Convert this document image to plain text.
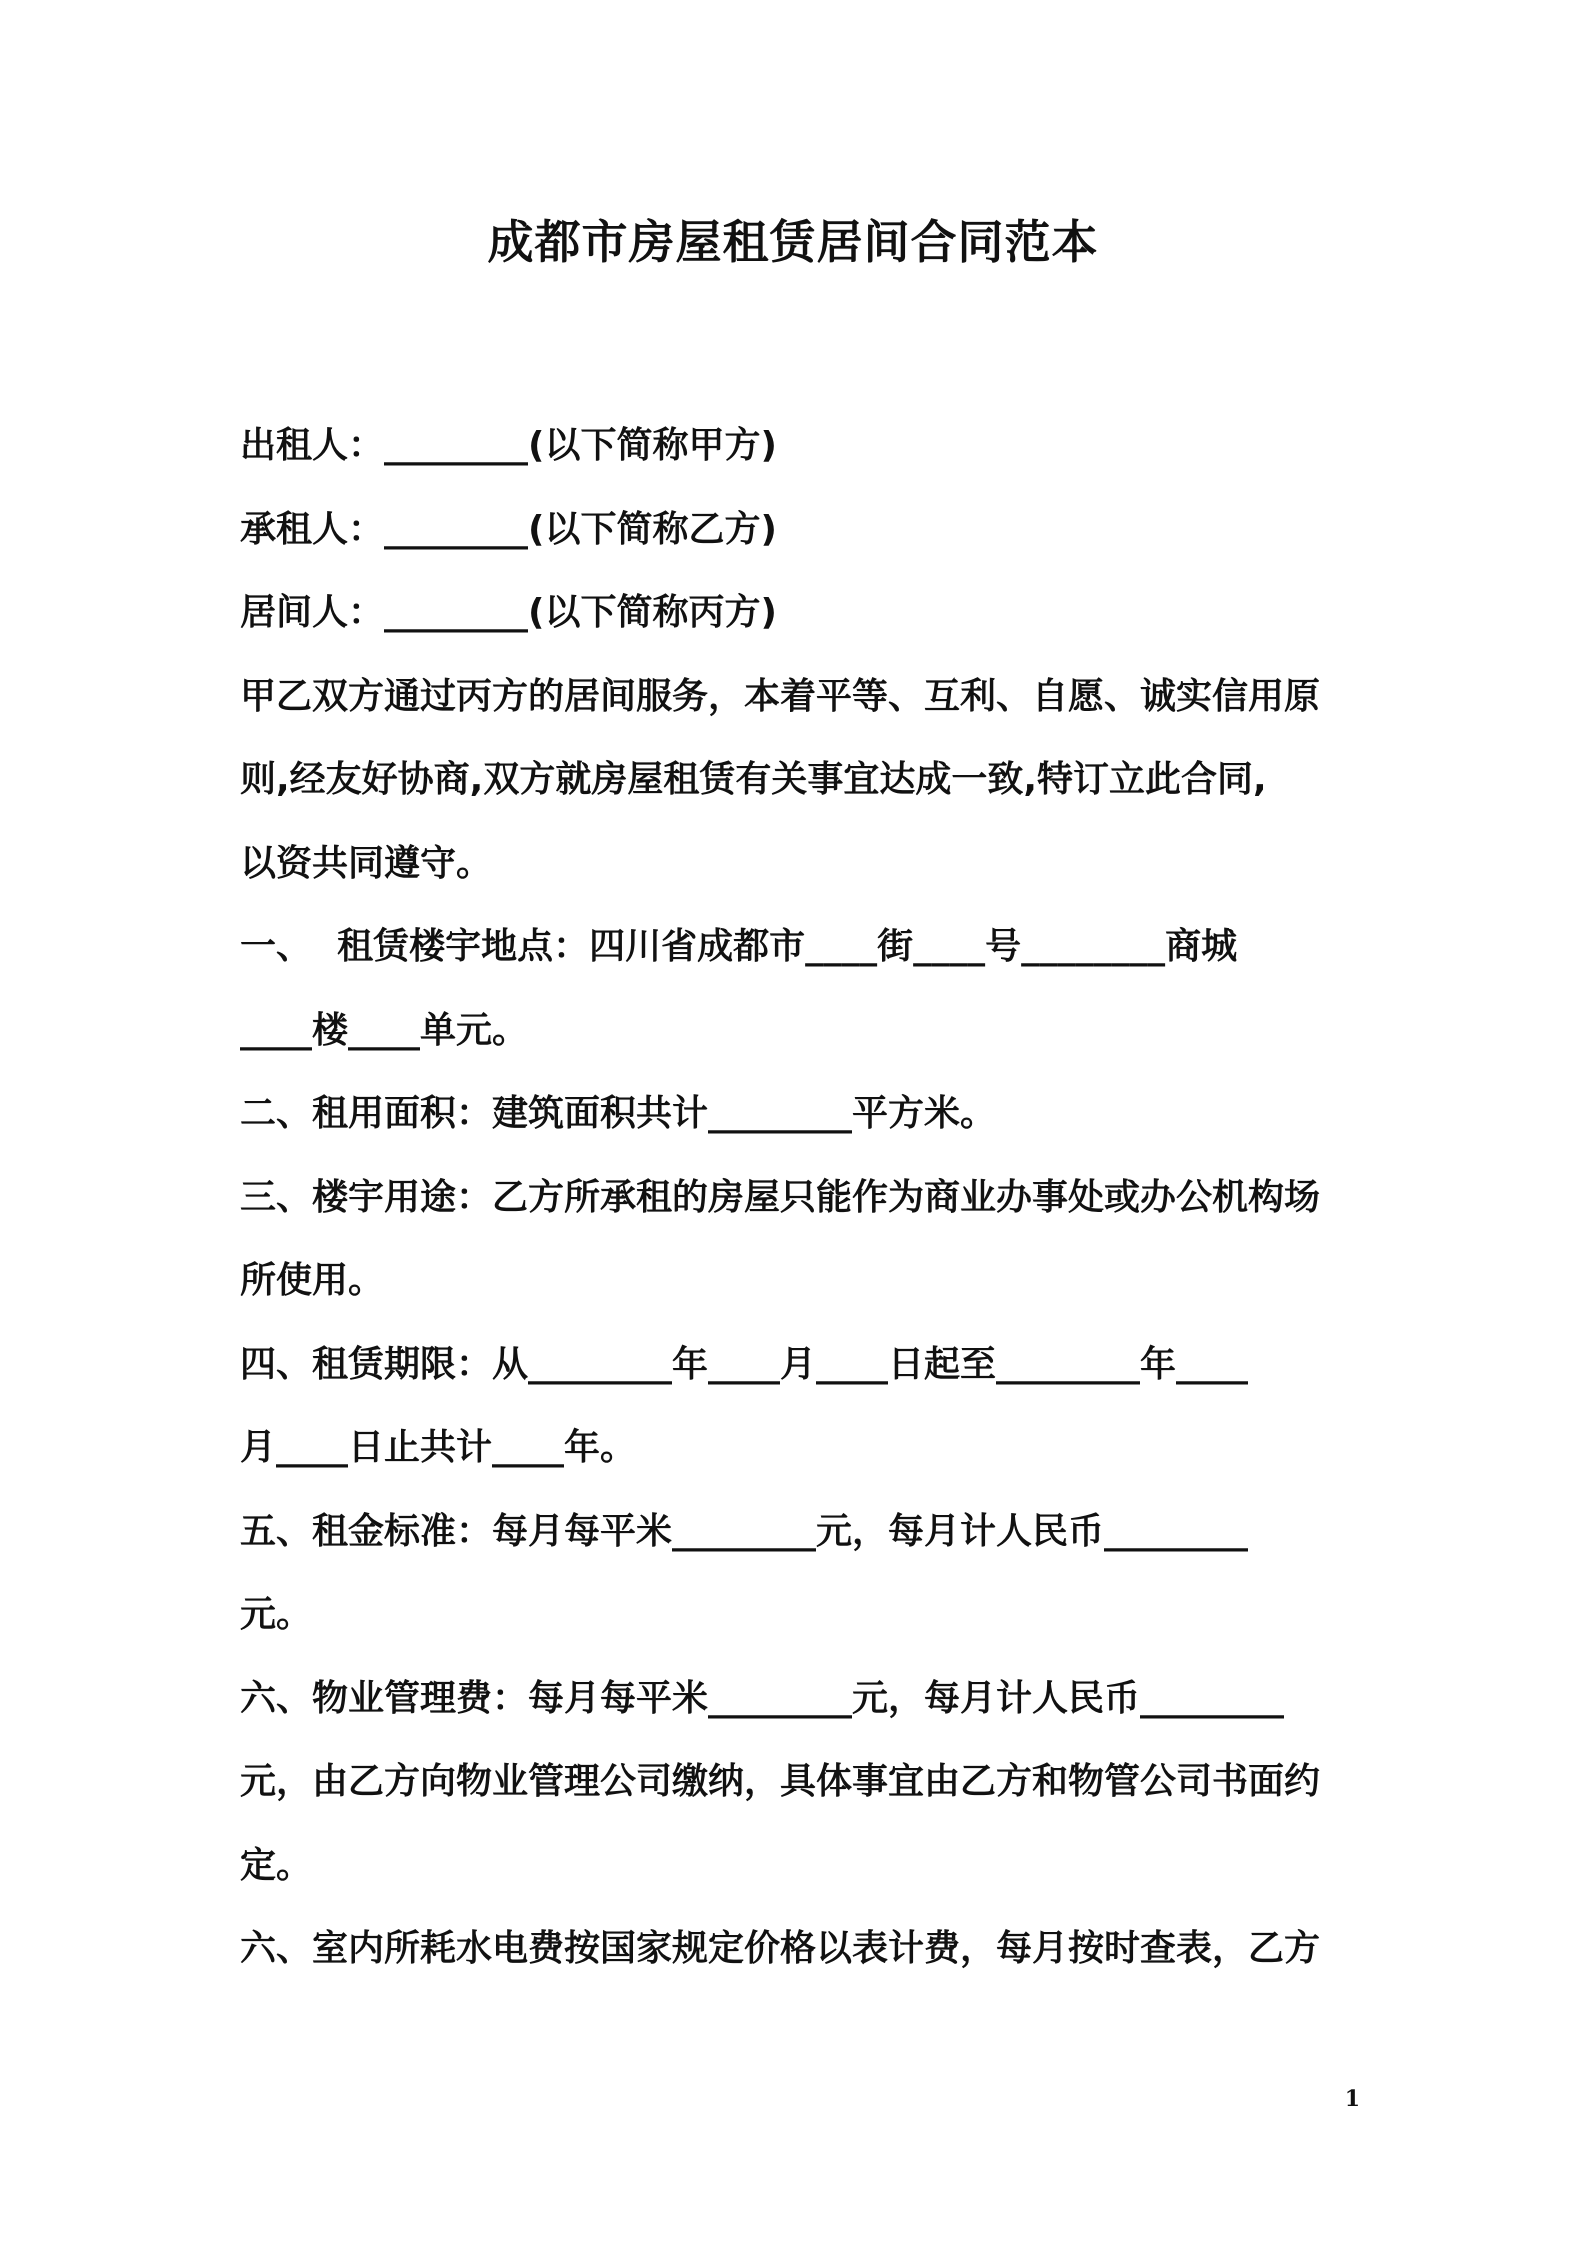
成都市房屋租赁居间合同范本
出租人：________(以下简称甲方)
承租人：________(以下简称乙方)
居间人：________(以下简称丙方)
甲乙双方通过丙方的居间服务，本着平等、互利、自愿、诚实信用原
则,经友好协商,双方就房屋租赁有关事宜达成一致,特订立此合同,
以资共同遵守。
一、  租赁楼宇地点：四川省成都市____街____号________商城
____楼____单元。
二、租用面积：建筑面积共计________平方米。
三、楼宇用途：乙方所承租的房屋只能作为商业办事处或办公机构场
所使用。
四、租赁期限：从________年____月____日起至________年____
月____日止共计____年。
五、租金标准：每月每平米________元，每月计人民币________
元。
六、物业管理费：每月每平米________元，每月计人民币________
元，由乙方向物业管理公司缴纳，具体事宜由乙方和物管公司书面约
定。
六、室内所耗水电费按国家规定价格以表计费，每月按时查表，乙方
1
